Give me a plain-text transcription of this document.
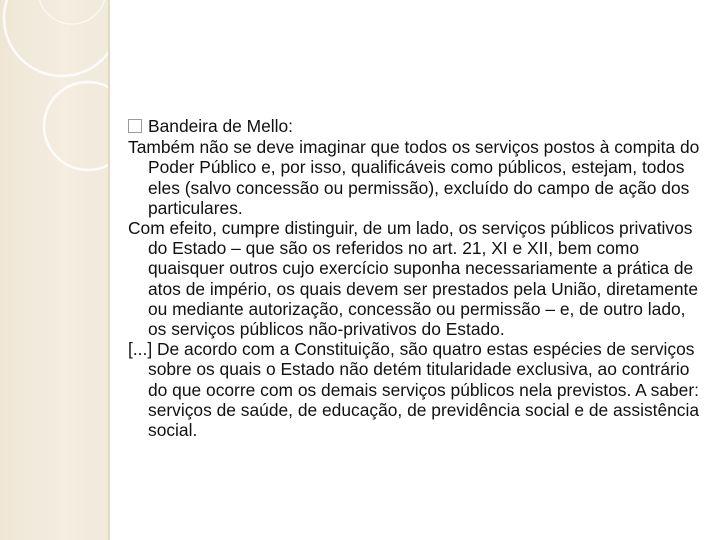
Bandeira de Mello:

Também não se deve imaginar que todos os serviços postos à compita do Poder Público e, por isso, qualificáveis como públicos, estejam, todos eles (salvo concessão ou permissão), excluído do campo de ação dos particulares.

Com efeito, cumpre distinguir, de um lado, os serviços públicos privativos do Estado – que são os referidos no art. 21, XI e XII, bem como quaisquer outros cujo exercício suponha necessariamente a prática de atos de império, os quais devem ser prestados pela União, diretamente ou mediante autorização, concessão ou permissão – e, de outro lado, os serviços públicos não-privativos do Estado.

[...] De acordo com a Constituição, são quatro estas espécies de serviços sobre os quais o Estado não detém titularidade exclusiva, ao contrário do que ocorre com os demais serviços públicos nela previstos. A saber: serviços de saúde, de educação, de previdência social e de assistência social.
